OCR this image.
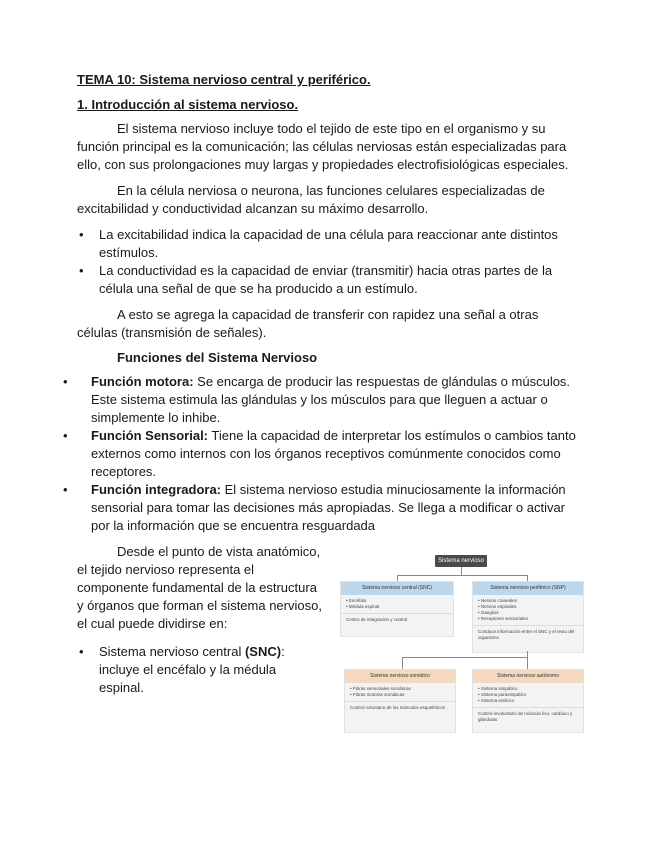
TEMA 10: Sistema nervioso central y periférico.
1. Introducción al sistema nervioso.

El sistema nervioso incluye todo el tejido de este tipo en el organismo y su función principal es la comunicación; las células nerviosas están especializadas para ello, con sus prolongaciones muy largas y propiedades electrofisiológicas especiales.

En la célula nerviosa o neurona, las funciones celulares especializadas de excitabilidad y conductividad alcanzan su máximo desarrollo.

• La excitabilidad indica la capacidad de una célula para reaccionar ante distintos estímulos.
• La conductividad es la capacidad de enviar (transmitir) hacia otras partes de la célula una señal de que se ha producido a un estímulo.

A esto se agrega la capacidad de transferir con rapidez una señal a otras células (transmisión de señales).

Funciones del Sistema Nervioso
• Función motora: Se encarga de producir las respuestas de glándulas o músculos. Este sistema estimula las glándulas y los músculos para que lleguen a actuar o simplemente lo inhibe.
• Función Sensorial: Tiene la capacidad de interpretar los estímulos o cambios tanto externos como internos con los órganos receptivos comúnmente conocidos como receptores.
• Función integradora: El sistema nervioso estudia minuciosamente la información sensorial para tomar las decisiones más apropiadas. Se llega a modificar o activar por la información que se encuentra resguardada

Desde el punto de vista anatómico, el tejido nervioso representa el componente fundamental de la estructura y órganos que forman el sistema nervioso, el cual puede dividirse en:

• Sistema nervioso central (SNC): incluye el encéfalo y la médula espinal.
Sistema nervioso
Sistema nervioso central (SNC)
• Encéfalo
• Médula espinal
Centro de integración y control
Sistema nervioso periférico (SNP)
• Nervios craneales
• Nervios espinales
• Ganglios
• Receptores sensoriales
Conduce información entre el SNC y el resto del organismo
Sistema nervioso somático
• Fibras sensoriales somáticas
• Fibras motoras somáticas
Control voluntario de los músculos esqueléticos
Sistema nervioso autónomo
• Sistema simpático
• Sistema parasimpático
• Sistema entérico
Control involuntario de músculo liso, cardíaco y glándulas
